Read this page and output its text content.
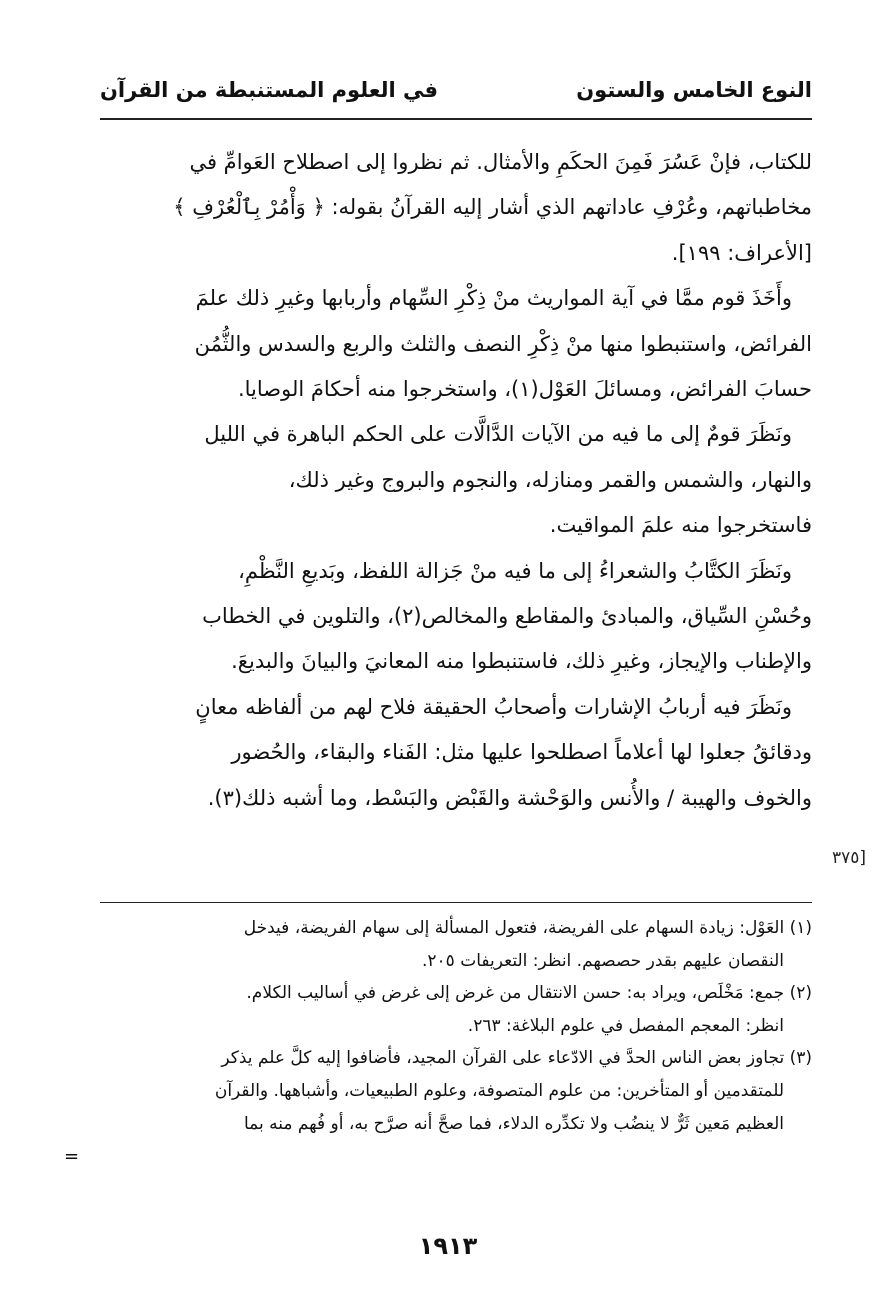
النوع الخامس والستون
في العلوم المستنبطة من القرآن

للكتاب، فإنْ عَسُرَ فَمِنَ الحكَمِ والأمثال. ثم نظروا إلى اصطلاح العَوامِّ في
مخاطباتهم، وعُرْفِ عاداتهم الذي أشار إليه القرآنُ بقوله: ﴿ وَأْمُرْ بِٱلْعُرْفِ ﴾
[الأعراف: ١٩٩].

وأَخَذَ قوم ممَّا في آية المواريث منْ ذِكْرِ السِّهام وأربابها وغيرِ ذلك علمَ
الفرائض، واستنبطوا منها منْ ذِكْرِ النصف والثلث والربع والسدس والثُّمُن
حسابَ الفرائض، ومسائلَ العَوْل(١)، واستخرجوا منه أحكامَ الوصايا.

ونَظَرَ قومٌ إلى ما فيه من الآيات الدَّالَّات على الحكم الباهرة في الليل
والنهار، والشمس والقمر ومنازله، والنجوم والبروج وغير ذلك،
فاستخرجوا منه علمَ المواقيت.

ونَظَرَ الكتَّابُ والشعراءُ إلى ما فيه منْ جَزالة اللفظ، وبَديعِ النَّظْمِ،
وحُسْنِ السِّياق، والمبادئ والمقاطع والمخالص(٢)، والتلوين في الخطاب
والإطناب والإيجاز، وغيرِ ذلك، فاستنبطوا منه المعانيَ والبيانَ والبديعَ.

ونَظَرَ فيه أربابُ الإشارات وأصحابُ الحقيقة فلاح لهم من ألفاظه معانٍ
ودقائقُ جعلوا لها أعلاماً اصطلحوا عليها مثل: الفَناء والبقاء، والحُضور
والخوف والهيبة / والأُنس والوَحْشة والقَبْض والبَسْط، وما أشبه ذلك(٣).

[٣٧٥

(١) العَوْل: زيادة السهام على الفريضة، فتعول المسألة إلى سهام الفريضة، فيدخل
النقصان عليهم بقدر حصصهم. انظر: التعريفات ٢٠٥.

(٢) جمع: مَخْلَص، ويراد به: حسن الانتقال من غرض إلى غرض في أساليب الكلام.
انظر: المعجم المفصل في علوم البلاغة: ٢٦٣.

(٣) تجاوز بعض الناس الحدَّ في الادّعاء على القرآن المجيد، فأضافوا إليه كلَّ علم يذكر
للمتقدمين أو المتأخرين: من علوم المتصوفة، وعلوم الطبيعيات، وأشباهها. والقرآن
العظيم مَعين ثَرٌّ لا ينضُب ولا تكدِّره الدلاء، فما صحَّ أنه صرَّح به، أو فُهم منه بما

=
١٩١٣
